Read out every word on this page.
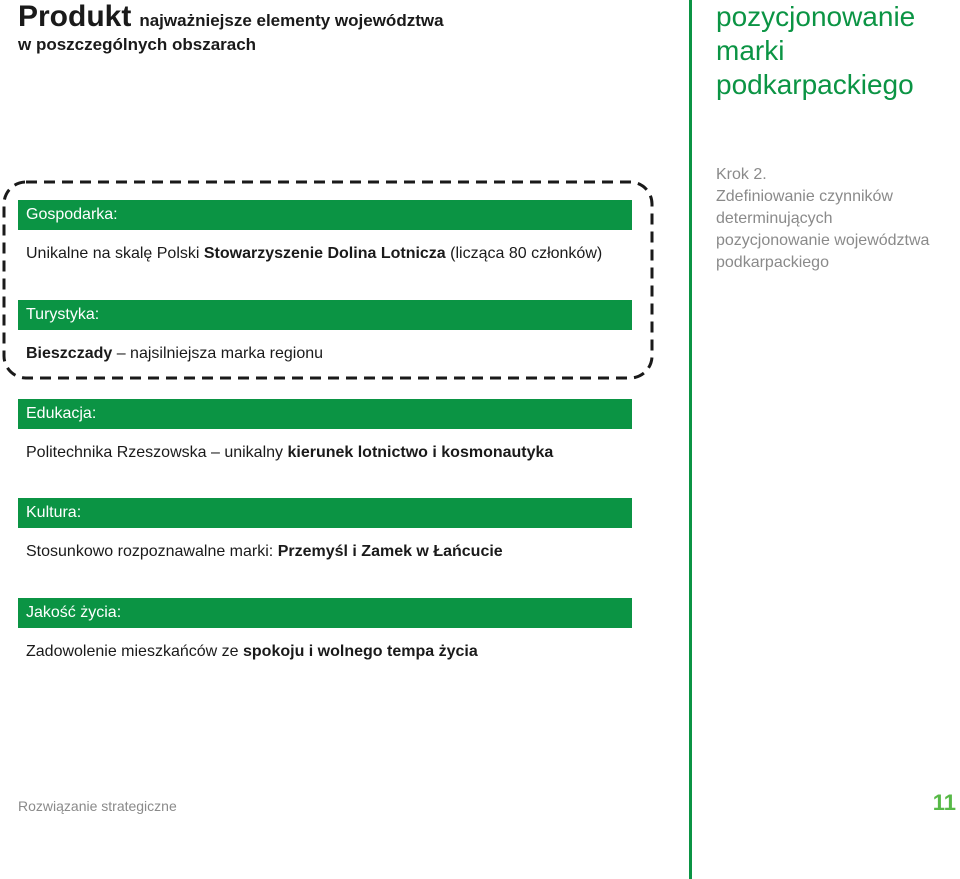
Produkt najważniejsze elementy województwa
w poszczególnych obszarach
pozycjonowanie
marki
podkarpackiego
Krok 2.
Zdefiniowanie czynników
determinujących
pozycjonowanie województwa
podkarpackiego
Gospodarka:
Unikalne na skalę Polski Stowarzyszenie Dolina Lotnicza (licząca 80 członków)
Turystyka:
Bieszczady – najsilniejsza marka regionu
Edukacja:
Politechnika Rzeszowska – unikalny kierunek lotnictwo i kosmonautyka
Kultura:
Stosunkowo rozpoznawalne marki: Przemyśl i Zamek w Łańcucie
Jakość życia:
Zadowolenie mieszkańców ze spokoju i wolnego tempa życia
Rozwiązanie strategiczne	11
